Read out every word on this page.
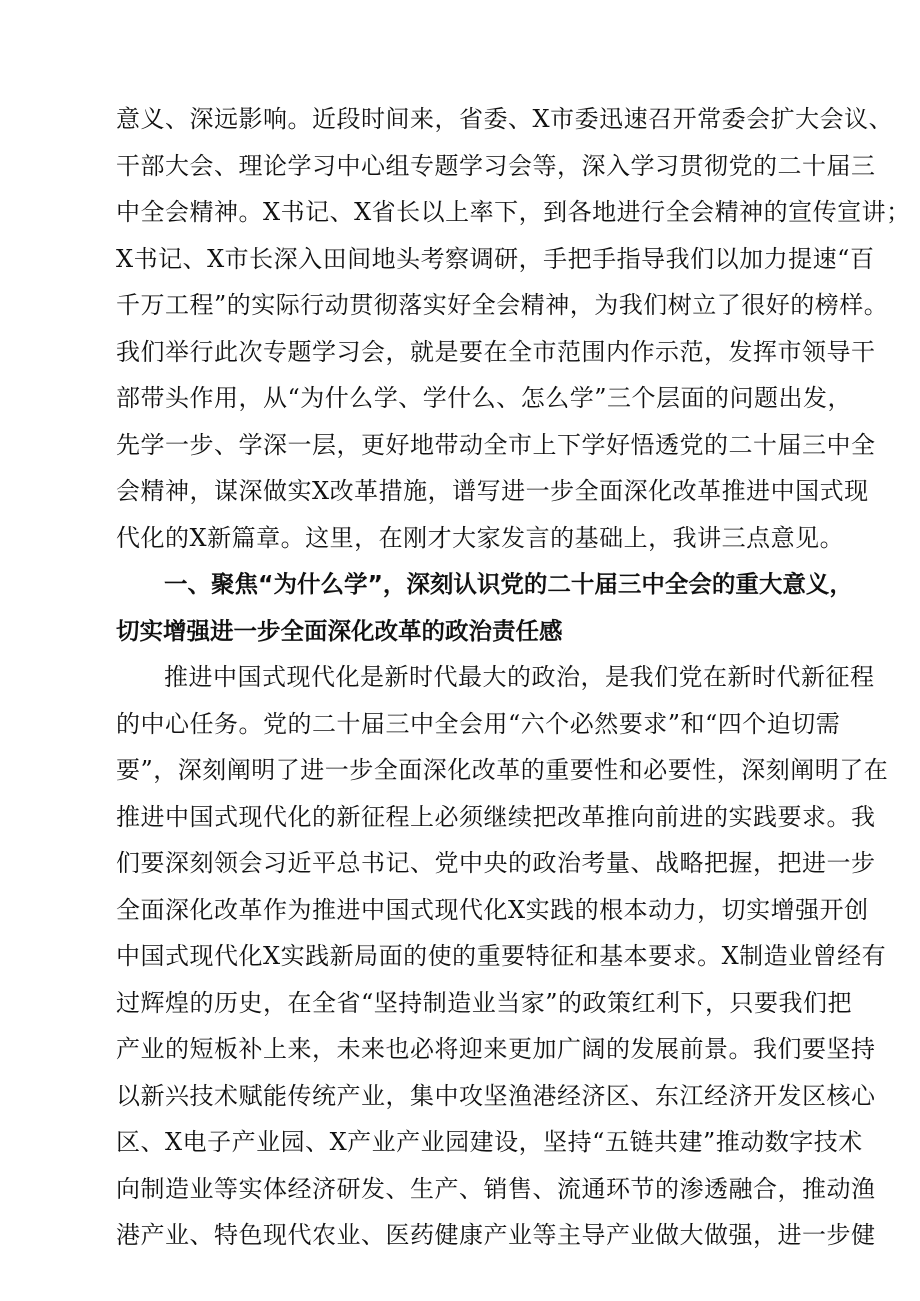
意义、深远影响。近段时间来，省委、X市委迅速召开常委会扩大会议、
干部大会、理论学习中心组专题学习会等，深入学习贯彻党的二十届三
中全会精神。X书记、X省长以上率下，到各地进行全会精神的宣传宣讲；
X书记、X市长深入田间地头考察调研，手把手指导我们以加力提速“百
千万工程”的实际行动贯彻落实好全会精神，为我们树立了很好的榜样。
我们举行此次专题学习会，就是要在全市范围内作示范，发挥市领导干
部带头作用，从“为什么学、学什么、怎么学”三个层面的问题出发，
先学一步、学深一层，更好地带动全市上下学好悟透党的二十届三中全
会精神，谋深做实X改革措施，谱写进一步全面深化改革推进中国式现
代化的X新篇章。这里，在刚才大家发言的基础上，我讲三点意见。
一、聚焦“为什么学”，深刻认识党的二十届三中全会的重大意义，
切实增强进一步全面深化改革的政治责任感
推进中国式现代化是新时代最大的政治，是我们党在新时代新征程
的中心任务。党的二十届三中全会用“六个必然要求”和“四个迫切需
要”，深刻阐明了进一步全面深化改革的重要性和必要性，深刻阐明了在
推进中国式现代化的新征程上必须继续把改革推向前进的实践要求。我
们要深刻领会习近平总书记、党中央的政治考量、战略把握，把进一步
全面深化改革作为推进中国式现代化X实践的根本动力，切实增强开创
中国式现代化X实践新局面的使的重要特征和基本要求。X制造业曾经有
过辉煌的历史，在全省“坚持制造业当家”的政策红利下，只要我们把
产业的短板补上来，未来也必将迎来更加广阔的发展前景。我们要坚持
以新兴技术赋能传统产业，集中攻坚渔港经济区、东江经济开发区核心
区、X电子产业园、X产业产业园建设，坚持“五链共建”推动数字技术
向制造业等实体经济研发、生产、销售、流通环节的渗透融合，推动渔
港产业、特色现代农业、医药健康产业等主导产业做大做强，进一步健
